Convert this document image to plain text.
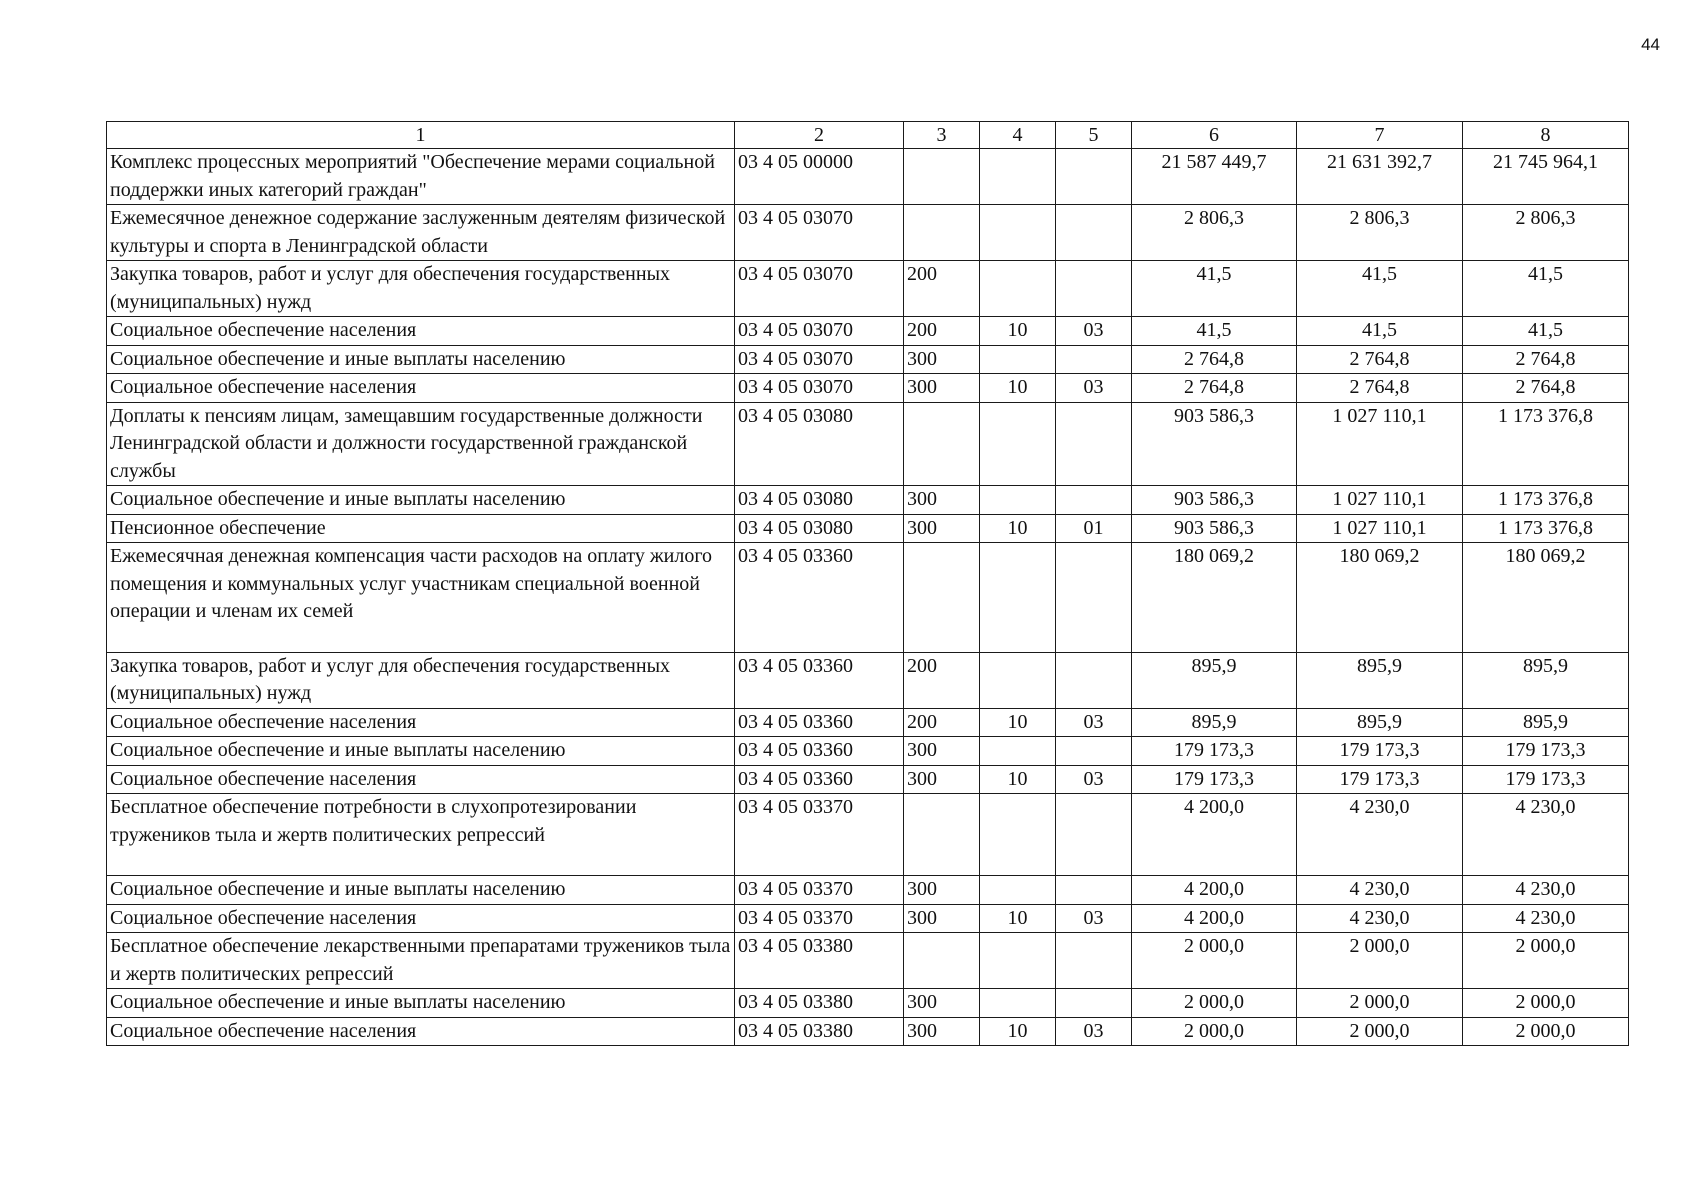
44
1	2	3	4	5	6	7	8
Комплекс процессных мероприятий "Обеспечение мерами социальной поддержки иных категорий граждан"	03 4 05 00000				21 587 449,7	21 631 392,7	21 745 964,1
Ежемесячное денежное содержание заслуженным деятелям физической культуры и спорта в Ленинградской области	03 4 05 03070				2 806,3	2 806,3	2 806,3
Закупка товаров, работ и услуг для обеспечения государственных (муниципальных) нужд	03 4 05 03070	200			41,5	41,5	41,5
Социальное обеспечение населения	03 4 05 03070	200	10	03	41,5	41,5	41,5
Социальное обеспечение и иные выплаты населению	03 4 05 03070	300			2 764,8	2 764,8	2 764,8
Социальное обеспечение населения	03 4 05 03070	300	10	03	2 764,8	2 764,8	2 764,8
Доплаты к пенсиям лицам, замещавшим государственные должности Ленинградской области и должности государственной гражданской службы	03 4 05 03080				903 586,3	1 027 110,1	1 173 376,8
Социальное обеспечение и иные выплаты населению	03 4 05 03080	300			903 586,3	1 027 110,1	1 173 376,8
Пенсионное обеспечение	03 4 05 03080	300	10	01	903 586,3	1 027 110,1	1 173 376,8
Ежемесячная денежная компенсация части расходов на оплату жилого помещения и коммунальных услуг участникам специальной военной операции и членам их семей	03 4 05 03360				180 069,2	180 069,2	180 069,2
Закупка товаров, работ и услуг для обеспечения государственных (муниципальных) нужд	03 4 05 03360	200			895,9	895,9	895,9
Социальное обеспечение населения	03 4 05 03360	200	10	03	895,9	895,9	895,9
Социальное обеспечение и иные выплаты населению	03 4 05 03360	300			179 173,3	179 173,3	179 173,3
Социальное обеспечение населения	03 4 05 03360	300	10	03	179 173,3	179 173,3	179 173,3
Бесплатное обеспечение потребности в слухопротезировании тружеников тыла и жертв политических репрессий	03 4 05 03370				4 200,0	4 230,0	4 230,0
Социальное обеспечение и иные выплаты населению	03 4 05 03370	300			4 200,0	4 230,0	4 230,0
Социальное обеспечение населения	03 4 05 03370	300	10	03	4 200,0	4 230,0	4 230,0
Бесплатное обеспечение лекарственными препаратами тружеников тыла и жертв политических репрессий	03 4 05 03380				2 000,0	2 000,0	2 000,0
Социальное обеспечение и иные выплаты населению	03 4 05 03380	300			2 000,0	2 000,0	2 000,0
Социальное обеспечение населения	03 4 05 03380	300	10	03	2 000,0	2 000,0	2 000,0
